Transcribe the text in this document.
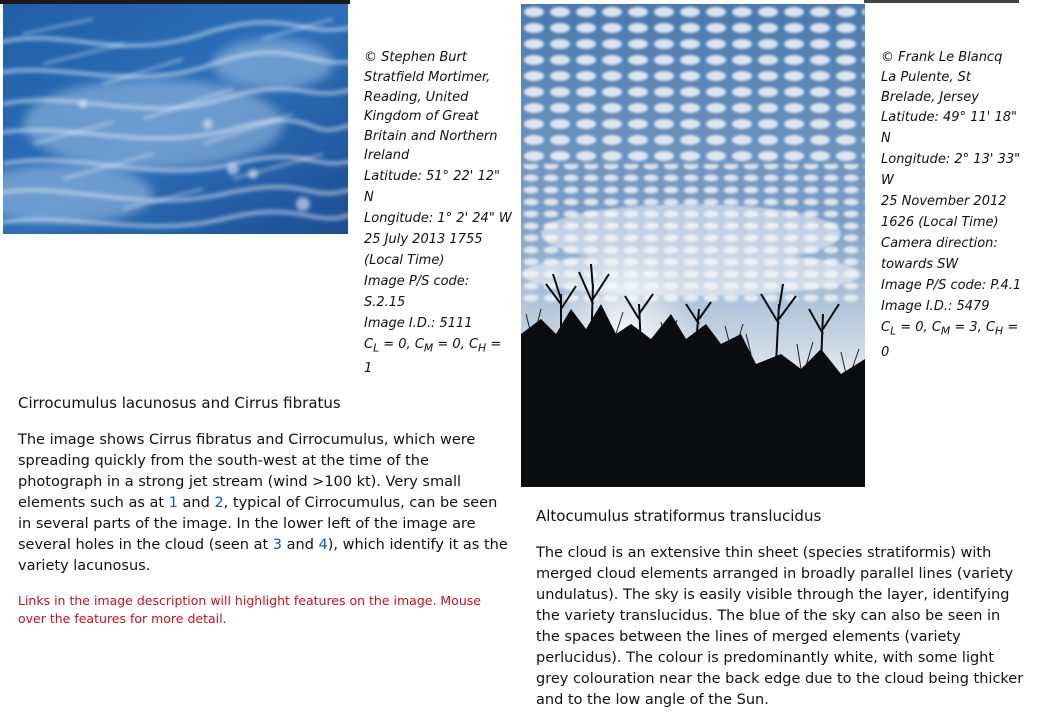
© Stephen Burt
Stratfield Mortimer, Reading, United Kingdom of Great Britain and Northern Ireland
Latitude: 51° 22' 12" N
Longitude: 1° 2' 24" W
25 July 2013 1755 (Local Time)
Image P/S code: S.2.15
Image I.D.: 5111
$C_L = 0$, $C_M = 0$, $C_H = 1$
© Frank Le Blancq
La Pulente, St Brelade, Jersey
Latitude: 49° 11' 18" N
Longitude: 2° 13' 33" W
25 November 2012
1626 (Local Time)
Camera direction: towards SW
Image P/S code: P.4.1
Image I.D.: 5479
$C_L = 0$, $C_M = 3$, $C_H = 0$
Cirrocumulus lacunosus and Cirrus fibratus
The image shows Cirrus fibratus and Cirrocumulus, which were spreading quickly from the south-west at the time of the photograph in a strong jet stream (wind >100 kt). Very small elements such as at 1 and 2, typical of Cirrocumulus, can be seen in several parts of the image. In the lower left of the image are several holes in the cloud (seen at 3 and 4), which identify it as the variety lacunosus.
Links in the image description will highlight features on the image. Mouse over the features for more detail.
Altocumulus stratiformus translucidus
The cloud is an extensive thin sheet (species stratiformis) with merged cloud elements arranged in broadly parallel lines (variety undulatus). The sky is easily visible through the layer, identifying the variety translucidus. The blue of the sky can also be seen in the spaces between the lines of merged elements (variety perlucidus). The colour is predominantly white, with some light grey colouration near the back edge due to the cloud being thicker and to the low angle of the Sun.
